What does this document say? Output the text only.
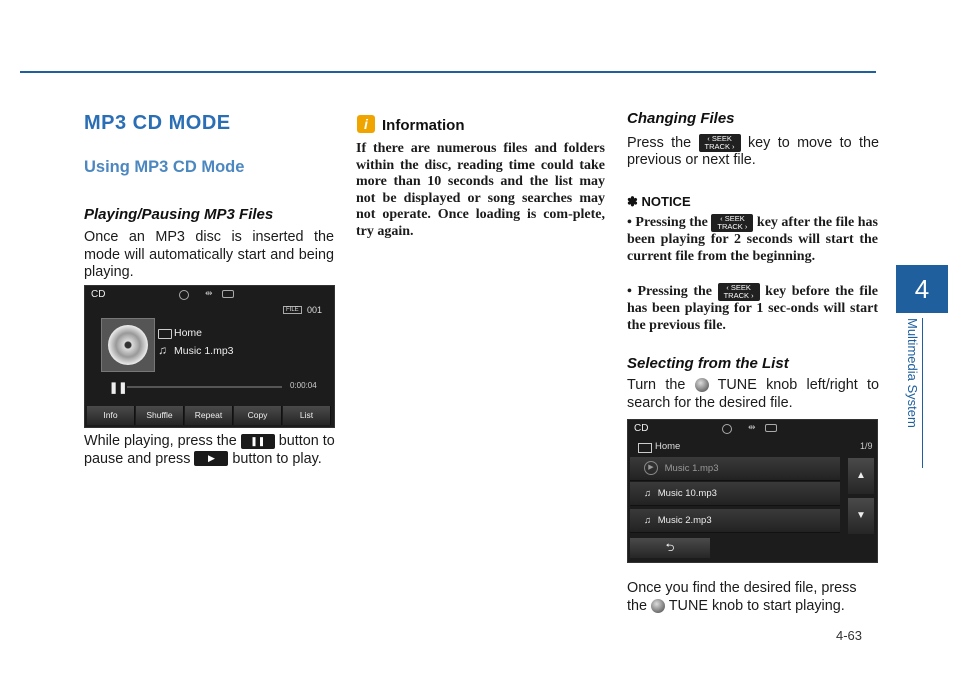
4
Multimedia System
4-63
MP3 CD MODE
Using MP3 CD Mode
Playing/Pausing MP3 Files
Once an MP3 disc is inserted the mode will automatically start and being playing.
CD	⇹
FILE 001
Home
♫ Music 1.mp3
❚❚	0:00:04
Info	Shuffle	Repeat	Copy	List
While playing, press the ❚❚ button to pause and press ▶ button to play.
i Information
If there are numerous files and folders within the disc, reading time could take more than 10 seconds and the list may not be displayed or song searches may not operate. Once loading is com-plete, try again.
Changing Files
Press the ‹ SEEK
TRACK › key to move to the previous or next file.
✽ NOTICE
• Pressing the ‹ SEEK
TRACK › key after the file has been playing for 2 seconds will start the current file from the beginning.
• Pressing the ‹ SEEK
TRACK › key before the file has been playing for 1 sec-onds will start the previous file.
Selecting from the List
Turn the TUNE knob left/right to search for the desired file.
CD	⇹
Home	1/9
▶ Music 1.mp3
♫ Music 10.mp3
♫ Music 2.mp3
▲
▼
⮌
Once you find the desired file, press the TUNE knob to start playing.
